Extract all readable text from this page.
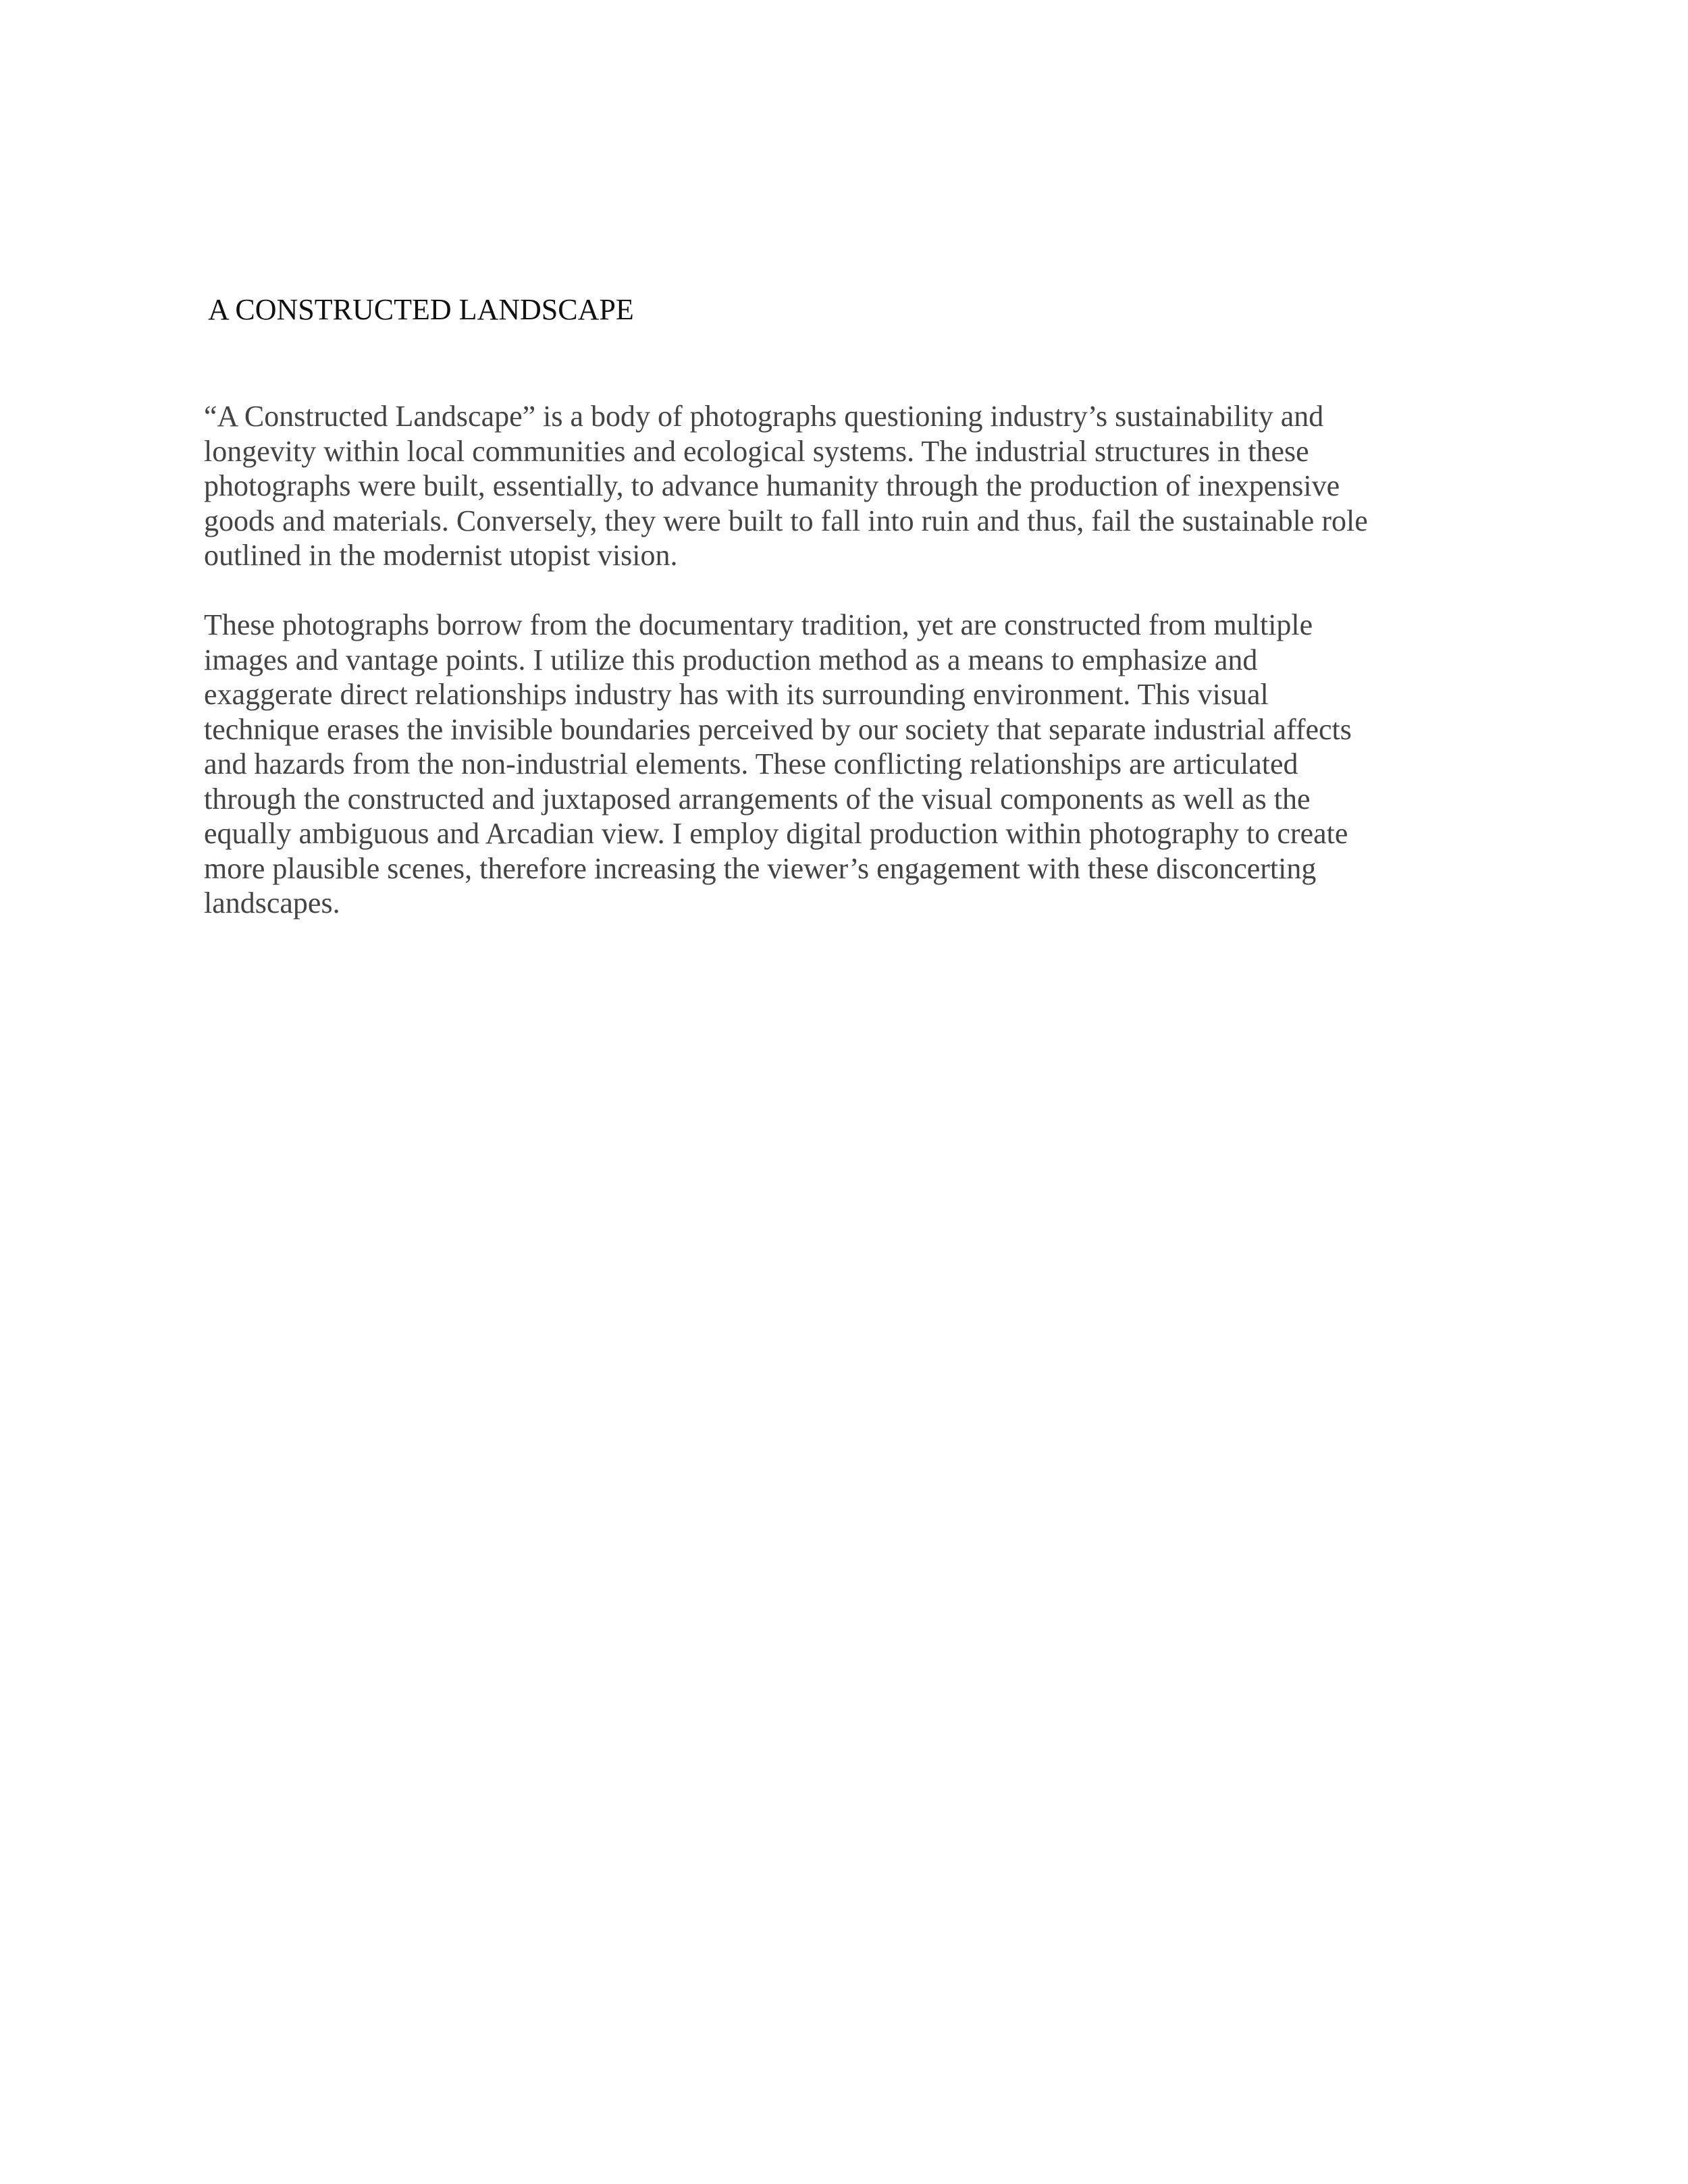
A CONSTRUCTED LANDSCAPE
“A Constructed Landscape” is a body of photographs questioning industry’s sustainability and
longevity within local communities and ecological systems. The industrial structures in these
photographs were built, essentially, to advance humanity through the production of inexpensive
goods and materials. Conversely, they were built to fall into ruin and thus, fail the sustainable role
outlined in the modernist utopist vision.
These photographs borrow from the documentary tradition, yet are constructed from multiple
images and vantage points. I utilize this production method as a means to emphasize and
exaggerate direct relationships industry has with its surrounding environment. This visual
technique erases the invisible boundaries perceived by our society that separate industrial affects
and hazards from the non-industrial elements. These conflicting relationships are articulated
through the constructed and juxtaposed arrangements of the visual components as well as the
equally ambiguous and Arcadian view. I employ digital production within photography to create
more plausible scenes, therefore increasing the viewer’s engagement with these disconcerting
landscapes.
